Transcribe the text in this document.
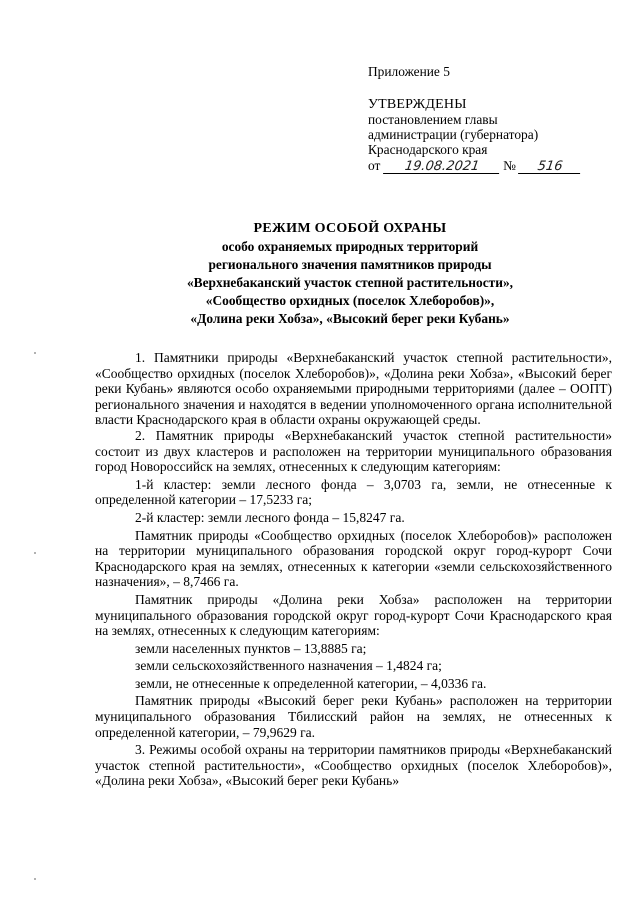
Приложение 5
УТВЕРЖДЕНЫ
постановлением главы
администрации (губернатора)
Краснодарского края
от 19.08.2021 № 516
РЕЖИМ ОСОБОЙ ОХРАНЫ
особо охраняемых природных территорий
регионального значения памятников природы
«Верхнебаканский участок степной растительности»,
«Сообщество орхидных (поселок Хлеборобов)»,
«Долина реки Хобза», «Высокий берег реки Кубань»

1. Памятники природы «Верхнебаканский участок степной растительности», «Сообщество орхидных (поселок Хлеборобов)», «Долина реки Хобза», «Высокий берег реки Кубань» являются особо охраняемыми природными территориями (далее – ООПТ) регионального значения и находятся в ведении уполномоченного органа исполнительной власти Краснодарского края в области охраны окружающей среды.

2. Памятник природы «Верхнебаканский участок степной растительности» состоит из двух кластеров и расположен на территории муниципального образования город Новороссийск на землях, отнесенных к следующим категориям:

1-й кластер: земли лесного фонда – 3,0703 га, земли, не отнесенные к определенной категории – 17,5233 га;

2-й кластер: земли лесного фонда – 15,8247 га.

Памятник природы «Сообщество орхидных (поселок Хлеборобов)» расположен на территории муниципального образования городской округ город-курорт Сочи Краснодарского края на землях, отнесенных к категории «земли сельскохозяйственного назначения», – 8,7466 га.

Памятник природы «Долина реки Хобза» расположен на территории муниципального образования городской округ город-курорт Сочи Краснодарского края на землях, отнесенных к следующим категориям:

земли населенных пунктов – 13,8885 га;

земли сельскохозяйственного назначения – 1,4824 га;

земли, не отнесенные к определенной категории, – 4,0336 га.

Памятник природы «Высокий берег реки Кубань» расположен на территории муниципального образования Тбилисский район на землях, не отнесенных к определенной категории, – 79,9629 га.

3. Режимы особой охраны на территории памятников природы «Верхнебаканский участок степной растительности», «Сообщество орхидных (поселок Хлеборобов)», «Долина реки Хобза», «Высокий берег реки Кубань»
